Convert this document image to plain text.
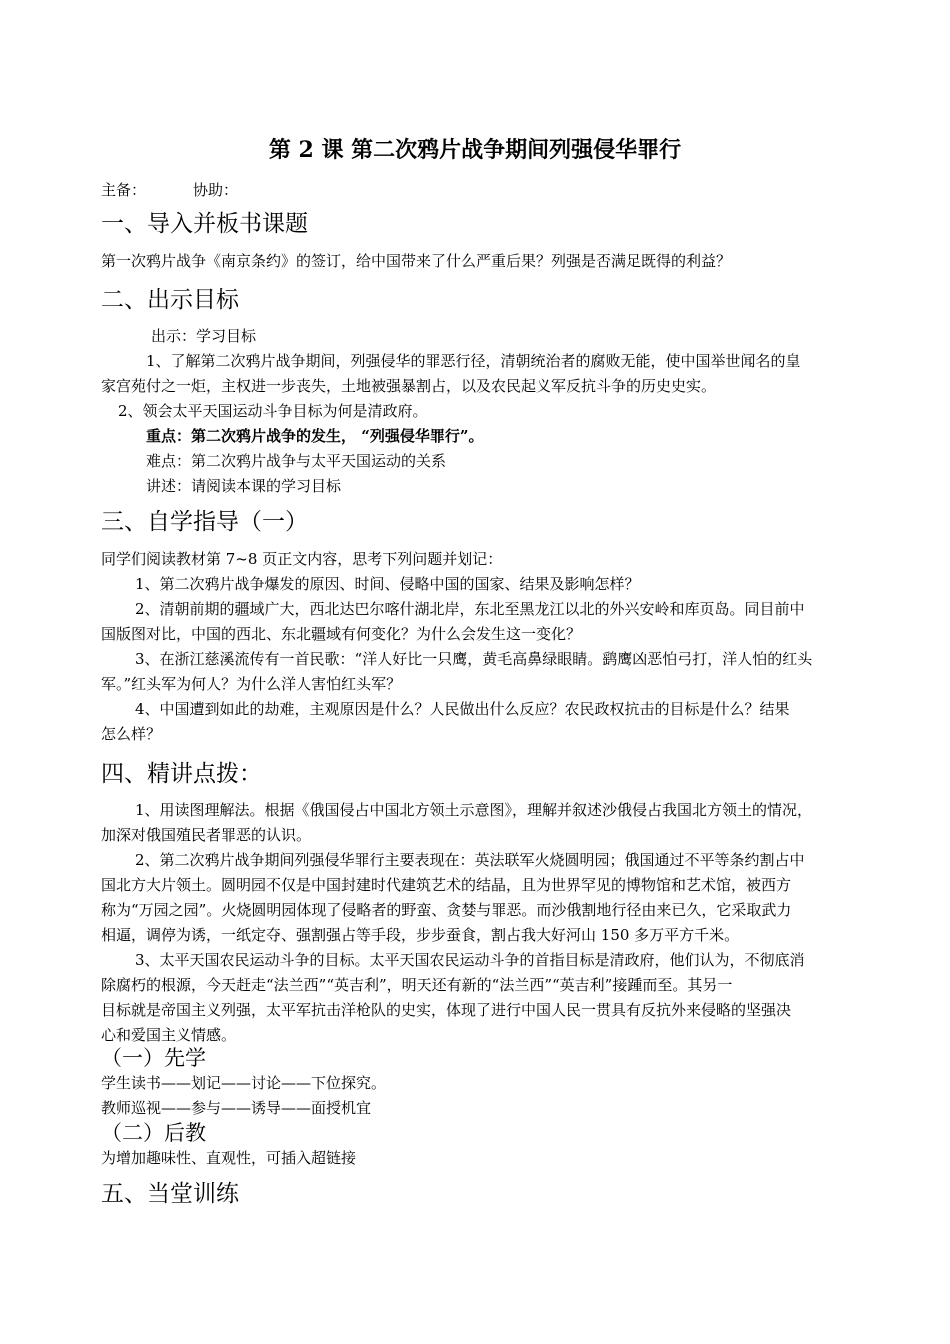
第 2 课 第二次鸦片战争期间列强侵华罪行
主备：	协助：
一、导入并板书课题
第一次鸦片战争《南京条约》的签订，给中国带来了什么严重后果？列强是否满足既得的利益？
二、出示目标
出示：学习目标
1、了解第二次鸦片战争期间，列强侵华的罪恶行径，清朝统治者的腐败无能，使中国举世闻名的皇
家宫苑付之一炬，主权进一步丧失，土地被强暴割占，以及农民起义军反抗斗争的历史史实。
2、领会太平天国运动斗争目标为何是清政府。
重点：第二次鸦片战争的发生， “列强侵华罪行”。
难点：第二次鸦片战争与太平天国运动的关系
讲述：请阅读本课的学习目标
三、自学指导（一）
同学们阅读教材第 7~8 页正文内容，思考下列问题并划记：
1、第二次鸦片战争爆发的原因、时间、侵略中国的国家、结果及影响怎样？
2、清朝前期的疆域广大，西北达巴尔喀什湖北岸，东北至黑龙江以北的外兴安岭和库页岛。同目前中
国版图对比，中国的西北、东北疆域有何变化？为什么会发生这一变化？
3、在浙江慈溪流传有一首民歌：“洋人好比一只鹰，黄毛高鼻绿眼睛。鹞鹰凶恶怕弓打，洋人怕的红头
军。”红头军为何人？为什么洋人害怕红头军？
4、中国遭到如此的劫难，主观原因是什么？人民做出什么反应？农民政权抗击的目标是什么？结果
怎么样？
四、精讲点拨：
1、用读图理解法。根据《俄国侵占中国北方领土示意图》，理解并叙述沙俄侵占我国北方领土的情况，
加深对俄国殖民者罪恶的认识。
2、第二次鸦片战争期间列强侵华罪行主要表现在：英法联军火烧圆明园；俄国通过不平等条约割占中
国北方大片领土。圆明园不仅是中国封建时代建筑艺术的结晶，且为世界罕见的博物馆和艺术馆，被西方
称为“万园之园”。火烧圆明园体现了侵略者的野蛮、贪婪与罪恶。而沙俄割地行径由来已久，它采取武力
相逼，调停为诱，一纸定夺、强割强占等手段，步步蚕食，割占我大好河山 150 多万平方千米。
3、太平天国农民运动斗争的目标。太平天国农民运动斗争的首指目标是清政府，他们认为，不彻底消
除腐朽的根源，今天赶走“法兰西”“英吉利”，明天还有新的“法兰西”“英吉利”接踵而至。其另一
目标就是帝国主义列强，太平军抗击洋枪队的史实，体现了进行中国人民一贯具有反抗外来侵略的坚强决
心和爱国主义情感。
（一）先学
学生读书——划记——讨论——下位探究。
教师巡视——参与——诱导——面授机宜
（二）后教
为增加趣味性、直观性，可插入超链接
五、当堂训练
